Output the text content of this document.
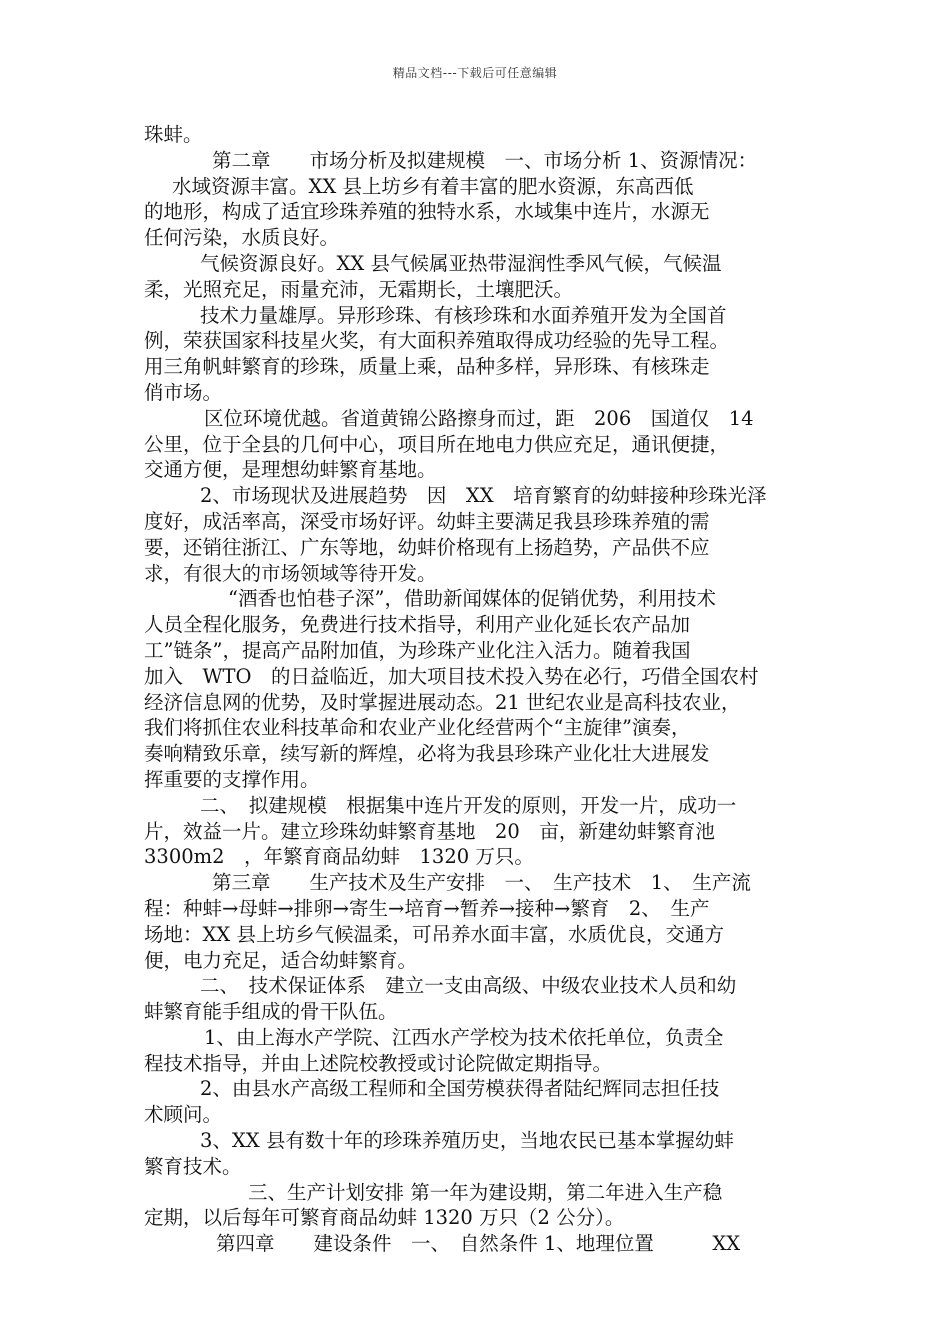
精品文档---下载后可任意编辑
珠蚌。
第二章　　市场分析及拟建规模　一、市场分析 1、资源情况：
水域资源丰富。XX 县上坊乡有着丰富的肥水资源，东高西低
的地形，构成了适宜珍珠养殖的独特水系，水域集中连片，水源无
任何污染，水质良好。
气候资源良好。XX 县气候属亚热带湿润性季风气候，气候温
柔，光照充足，雨量充沛，无霜期长，土壤肥沃。
技术力量雄厚。异形珍珠、有核珍珠和水面养殖开发为全国首
例，荣获国家科技星火奖，有大面积养殖取得成功经验的先导工程。
用三角帆蚌繁育的珍珠，质量上乘，品种多样，异形珠、有核珠走
俏市场。
区位环境优越。省道黄锦公路擦身而过，距　206　国道仅　14
公里，位于全县的几何中心，项目所在地电力供应充足，通讯便捷，
交通方便，是理想幼蚌繁育基地。
2、市场现状及进展趋势　因　XX　培育繁育的幼蚌接种珍珠光泽
度好，成活率高，深受市场好评。幼蚌主要满足我县珍珠养殖的需
要，还销往浙江、广东等地，幼蚌价格现有上扬趋势，产品供不应
求，有很大的市场领域等待开发。
“酒香也怕巷子深”，借助新闻媒体的促销优势，利用技术
人员全程化服务，免费进行技术指导，利用产业化延长农产品加
工”链条”，提高产品附加值，为珍珠产业化注入活力。随着我国
加入　WTO　的日益临近，加大项目技术投入势在必行，巧借全国农村
经济信息网的优势，及时掌握进展动态。21 世纪农业是高科技农业，
我们将抓住农业科技革命和农业产业化经营两个“主旋律”演奏，
奏响精致乐章，续写新的辉煌，必将为我县珍珠产业化壮大进展发
挥重要的支撑作用。
二、　拟建规模　根据集中连片开发的原则，开发一片，成功一
片，效益一片。建立珍珠幼蚌繁育基地　20　亩，新建幼蚌繁育池
3300m2　，年繁育商品幼蚌　1320 万只。
第三章　　生产技术及生产安排　一、　生产技术　1、　生产流
程：种蚌→母蚌→排卵→寄生→培育→暂养→接种→繁育　2、　生产
场地：XX 县上坊乡气候温柔，可吊养水面丰富，水质优良，交通方
便，电力充足，适合幼蚌繁育。
二、　技术保证体系　建立一支由高级、中级农业技术人员和幼
蚌繁育能手组成的骨干队伍。
1、由上海水产学院、江西水产学校为技术依托单位，负责全
程技术指导，并由上述院校教授或讨论院做定期指导。
2、由县水产高级工程师和全国劳模获得者陆纪辉同志担任技
术顾问。
3、XX 县有数十年的珍珠养殖历史，当地农民已基本掌握幼蚌
繁育技术。
三、生产计划安排 第一年为建设期，第二年进入生产稳
定期，以后每年可繁育商品幼蚌 1320 万只（2 公分）。
第四章　　建设条件　一、　自然条件 1、地理位置　　　XX
